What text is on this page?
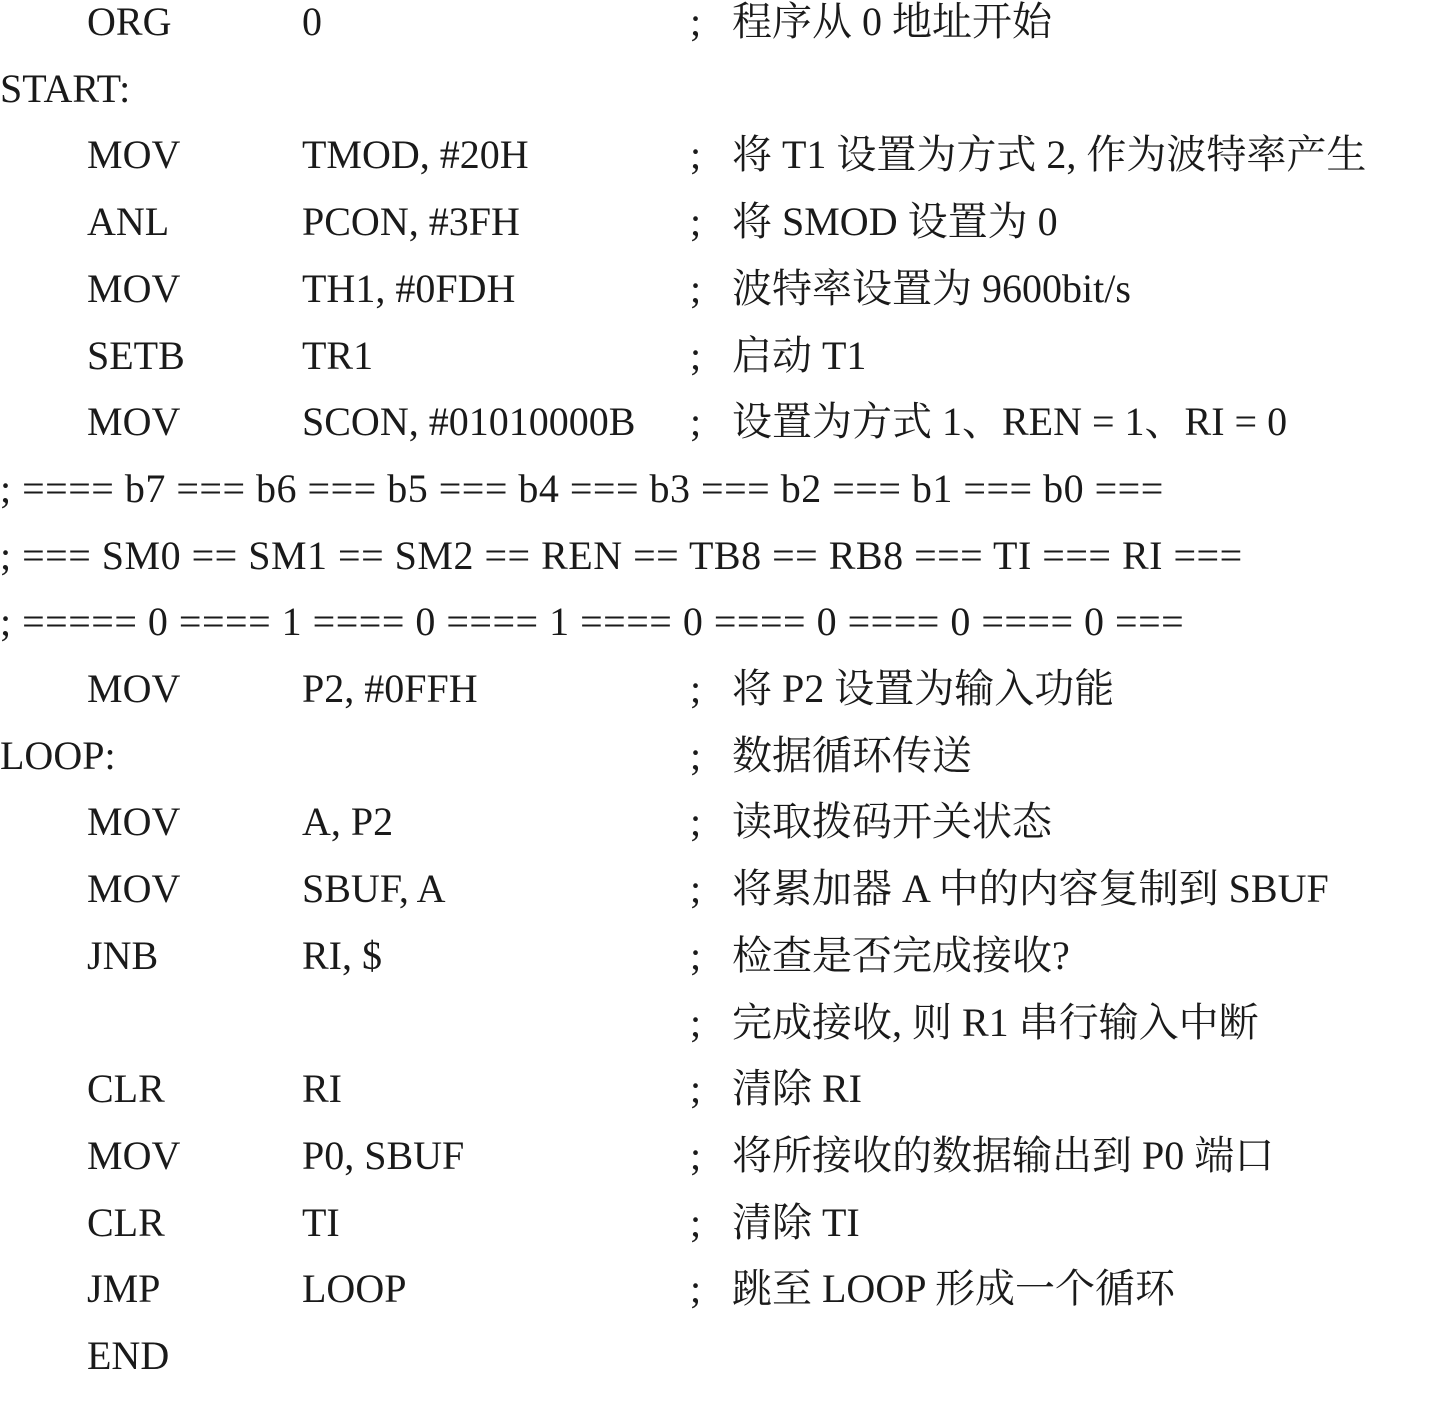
ORG	0	; 程序从 0 地址开始
START:
MOV	TMOD, #20H	; 将 T1 设置为方式 2, 作为波特率产生
ANL	PCON, #3FH	; 将 SMOD 设置为 0
MOV	TH1, #0FDH	; 波特率设置为 9600bit/s
SETB	TR1	; 启动 T1
MOV	SCON, #01010000B ; 设置为方式 1、REN = 1、RI = 0
; ==== b7 === b6 === b5 === b4 === b3 === b2 === b1 === b0 ===
; === SM0 == SM1 == SM2 == REN == TB8 == RB8 === TI === RI ===
; ===== 0 ==== 1 ==== 0 ==== 1 ==== 0 ==== 0 ==== 0 ==== 0 ===
MOV	P2, #0FFH	; 将 P2 设置为输入功能
LOOP:	; 数据循环传送
MOV	A, P2	; 读取拨码开关状态
MOV	SBUF, A	; 将累加器 A 中的内容复制到 SBUF
JNB	RI, $	; 检查是否完成接收?
; 完成接收, 则 R1 串行输入中断
CLR	RI	; 清除 RI
MOV	P0, SBUF	; 将所接收的数据输出到 P0 端口
CLR	TI	; 清除 TI
JMP	LOOP	; 跳至 LOOP 形成一个循环
END
